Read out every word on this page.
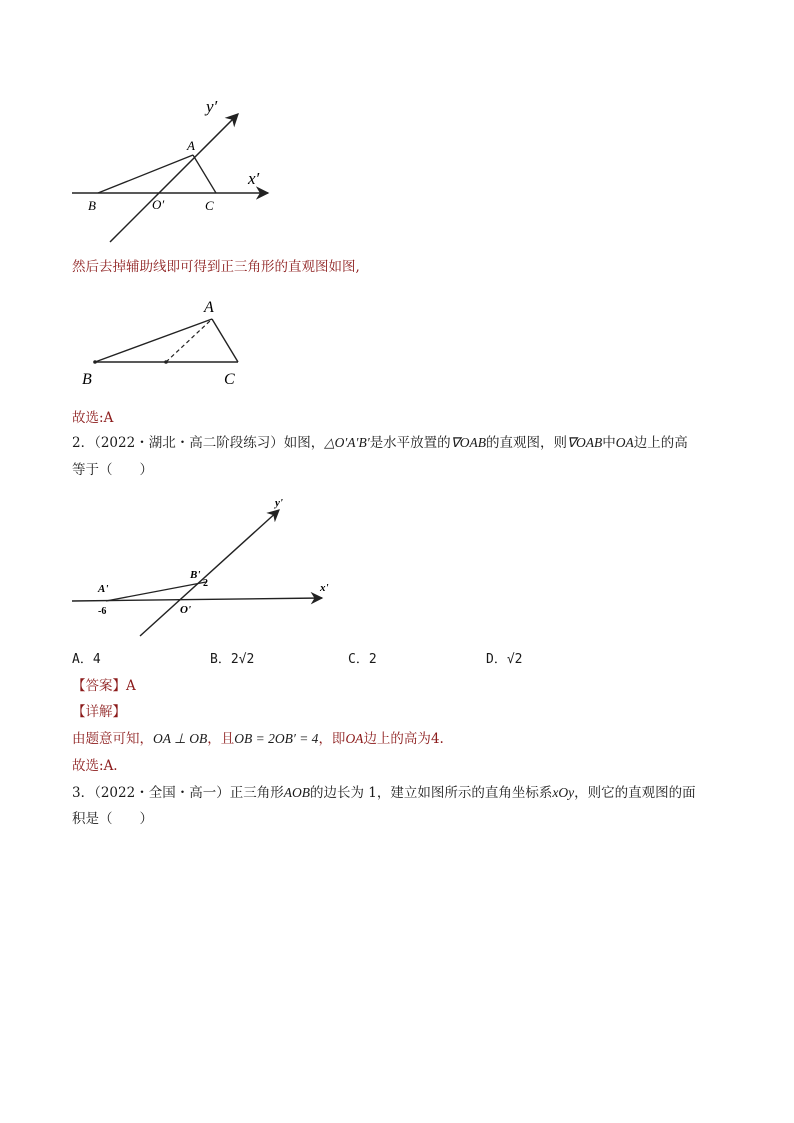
y′
x′
A
B	O′	C
然后去掉辅助线即可得到正三角形的直观图如图,
A
B	C
故选:A
2．（2022・湖北・高二阶段练习）如图，△O′A′B′是水平放置的∇OAB的直观图，则∇OAB中OA边上的高
等于（　　）
y'
x'
A'
B'
O'
-6
2
A．4	B．2√2	C．2	D．√2
【答案】A
【详解】
由题意可知，OA ⊥ OB，且OB = 2OB′ = 4，即OA边上的高为4.
故选:A.
3．（2022・全国・高一）正三角形AOB的边长为 1，建立如图所示的直角坐标系xOy，则它的直观图的面
积是（　　）
